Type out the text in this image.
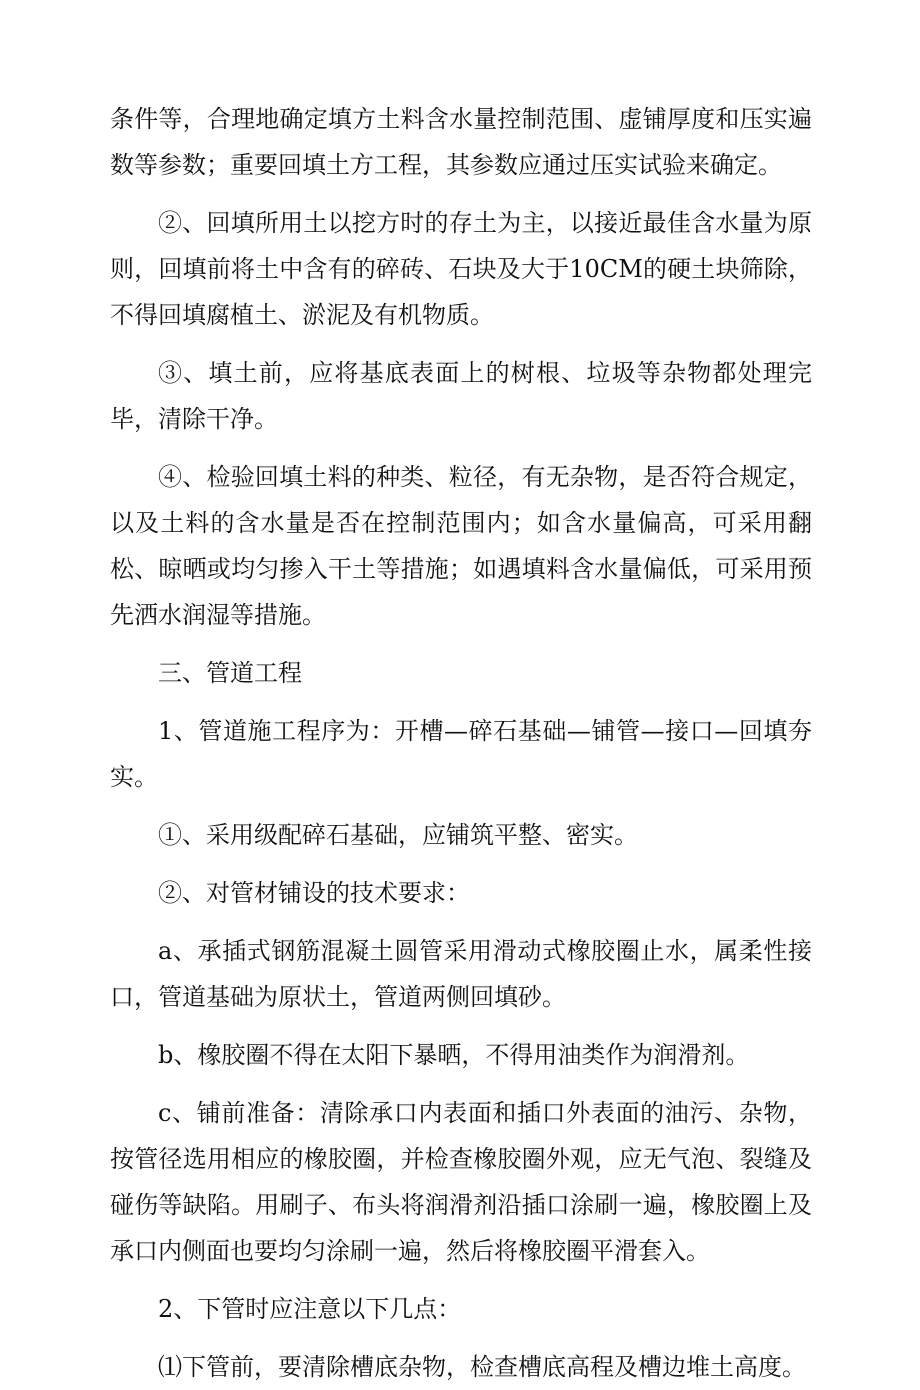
条件等，合理地确定填方土料含水量控制范围、虚铺厚度和压实遍数等参数；重要回填土方工程，其参数应通过压实试验来确定。

②、回填所用土以挖方时的存土为主，以接近最佳含水量为原则，回填前将土中含有的碎砖、石块及大于10CM的硬土块筛除，不得回填腐植土、淤泥及有机物质。

③、填土前，应将基底表面上的树根、垃圾等杂物都处理完毕，清除干净。

④、检验回填土料的种类、粒径，有无杂物，是否符合规定，以及土料的含水量是否在控制范围内；如含水量偏高，可采用翻松、晾晒或均匀掺入干土等措施；如遇填料含水量偏低，可采用预先洒水润湿等措施。

三、管道工程

1、管道施工程序为：开槽—碎石基础—铺管—接口—回填夯实。

①、采用级配碎石基础，应铺筑平整、密实。

②、对管材铺设的技术要求：

a、承插式钢筋混凝土圆管采用滑动式橡胶圈止水，属柔性接口，管道基础为原状土，管道两侧回填砂。

b、橡胶圈不得在太阳下暴晒，不得用油类作为润滑剂。

c、铺前准备：清除承口内表面和插口外表面的油污、杂物，按管径选用相应的橡胶圈，并检查橡胶圈外观，应无气泡、裂缝及碰伤等缺陷。用刷子、布头将润滑剂沿插口涂刷一遍，橡胶圈上及承口内侧面也要均匀涂刷一遍，然后将橡胶圈平滑套入。

2、下管时应注意以下几点：

⑴下管前，要清除槽底杂物，检查槽底高程及槽边堆土高度。
